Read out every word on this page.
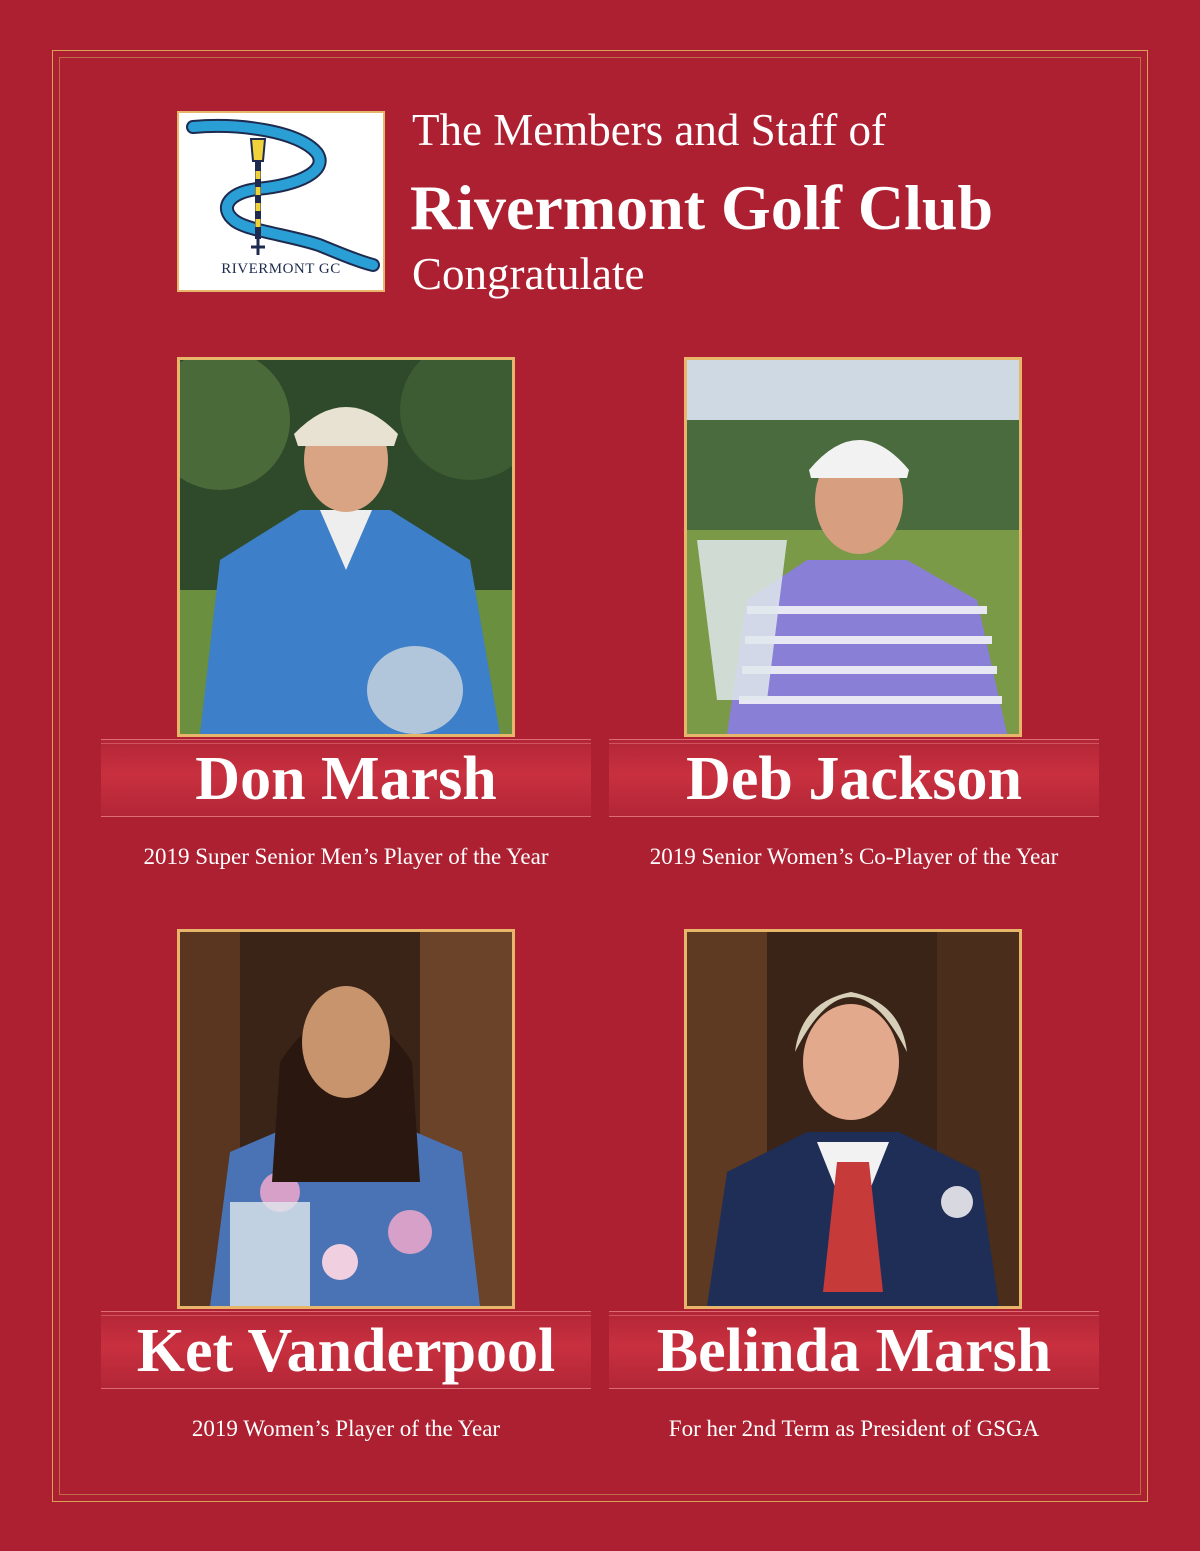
RIVERMONT GC
The Members and Staff of
Rivermont Golf Club
Congratulate
Don Marsh
2019 Super Senior Men’s Player of the Year
Deb Jackson
2019 Senior Women’s Co-Player of the Year
Ket Vanderpool
2019 Women’s Player of the Year
Belinda Marsh
For her 2nd Term as President of GSGA
